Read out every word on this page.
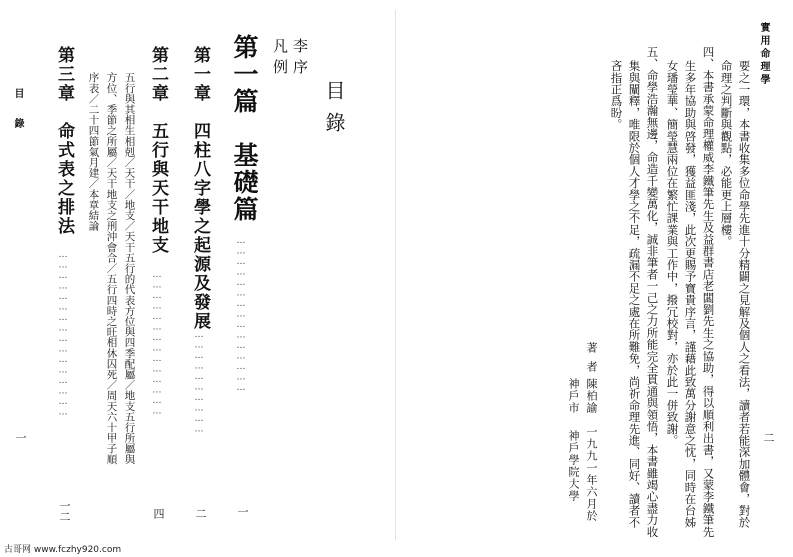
目錄
一
第三章　命式表之排法
…………………………………………
一二
序表／二十四節氣月建／本章結論 方位、季節之所屬／天干地支之刑沖會合／五行四時之旺相休囚死／周天六十甲子順 五行與其相生相剋／天干／地支／天干五行的代表方位與四季配屬／地支五行所屬與 第二章　五行與天干地支
……………………………………
四
第一章　四柱八字學之起源及發展
…………………………
二
第一篇　基礎篇
………………………………………
一
凡例 李序
目錄
神戶學院大學
神戶市
一九九一年六月於
陳柏諭
著者
吝指正爲盼。 集與闡釋，唯限於個人才學之不足，疏漏不足之處在所難免，尚祈命理先進、同好、讀者不 五、命學浩瀚無邊，命造千變萬化，誠非筆者一己之力所能完全貫通與領悟，本書雖竭心盡力收 女璠瑩華、簡瑩慧兩位在繁忙課業與工作中，撥冗校對，亦於此一併致謝。 生多年協助與啓發，獲益匪淺，此次更賜予寶貴序言，謹藉此致萬分謝意之忱，同時在台姊 四、本書承蒙命理權威李鐵筆先生及益群書店老闆劉先生之協助，得以順利出書，又蒙李鐵筆先 命理之判斷與觀點，必能更上層樓。 要之一環，本書收集多位命學先進十分精闢之見解及個人之看法，讀者若能深加體會，對於
實用命理學
二
古哥网 www.fczhy920.com
